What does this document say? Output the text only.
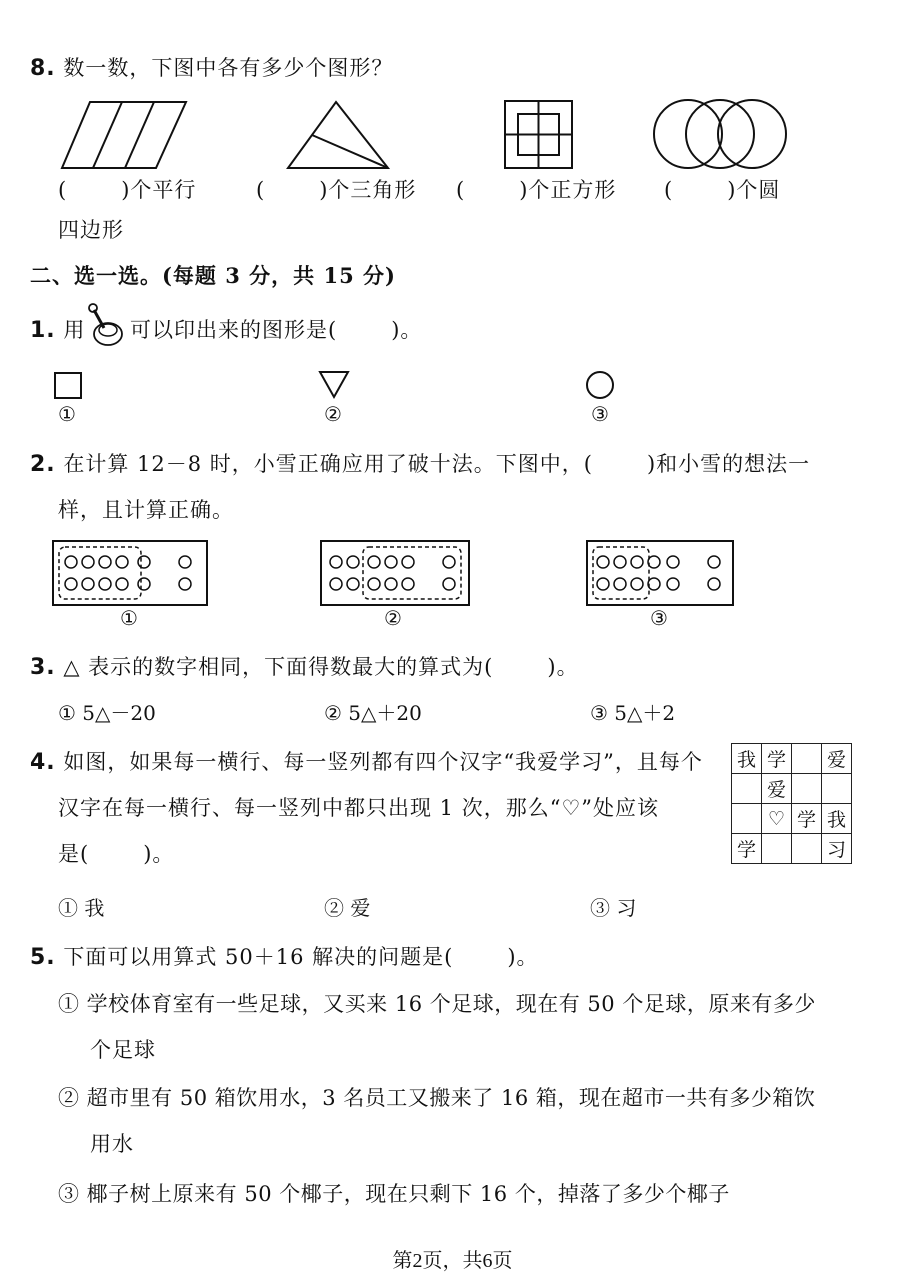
8. 数一数，下图中各有多少个图形？
(	)个平行
四边形
(	)个三角形 (	)个正方形 (	)个圆
二、选一选。(每题 3 分，共 15 分)
1. 用 可以印出来的图形是(	)。
①	②	③
2. 在计算 12－8 时，小雪正确应用了破十法。下图中，(	)和小雪的想法一
样，且计算正确。
①	②	③
3. △ 表示的数字相同，下面得数最大的算式为(	)。
① 5△－20	② 5△＋20	③ 5△＋2
4. 如图，如果每一横行、每一竖列都有四个汉字“我爱学习”，且每个
汉字在每一横行、每一竖列中都只出现 1 次，那么“♡”处应该
是(	)。
我	学		爱
	爱		
	♡	学	我
学			习
① 我	② 爱	③ 习
5. 下面可以用算式 50＋16 解决的问题是(	)。
① 学校体育室有一些足球，又买来 16 个足球，现在有 50 个足球，原来有多少
个足球
② 超市里有 50 箱饮用水，3 名员工又搬来了 16 箱，现在超市一共有多少箱饮
用水
③ 椰子树上原来有 50 个椰子，现在只剩下 16 个，掉落了多少个椰子
第2页，共6页
